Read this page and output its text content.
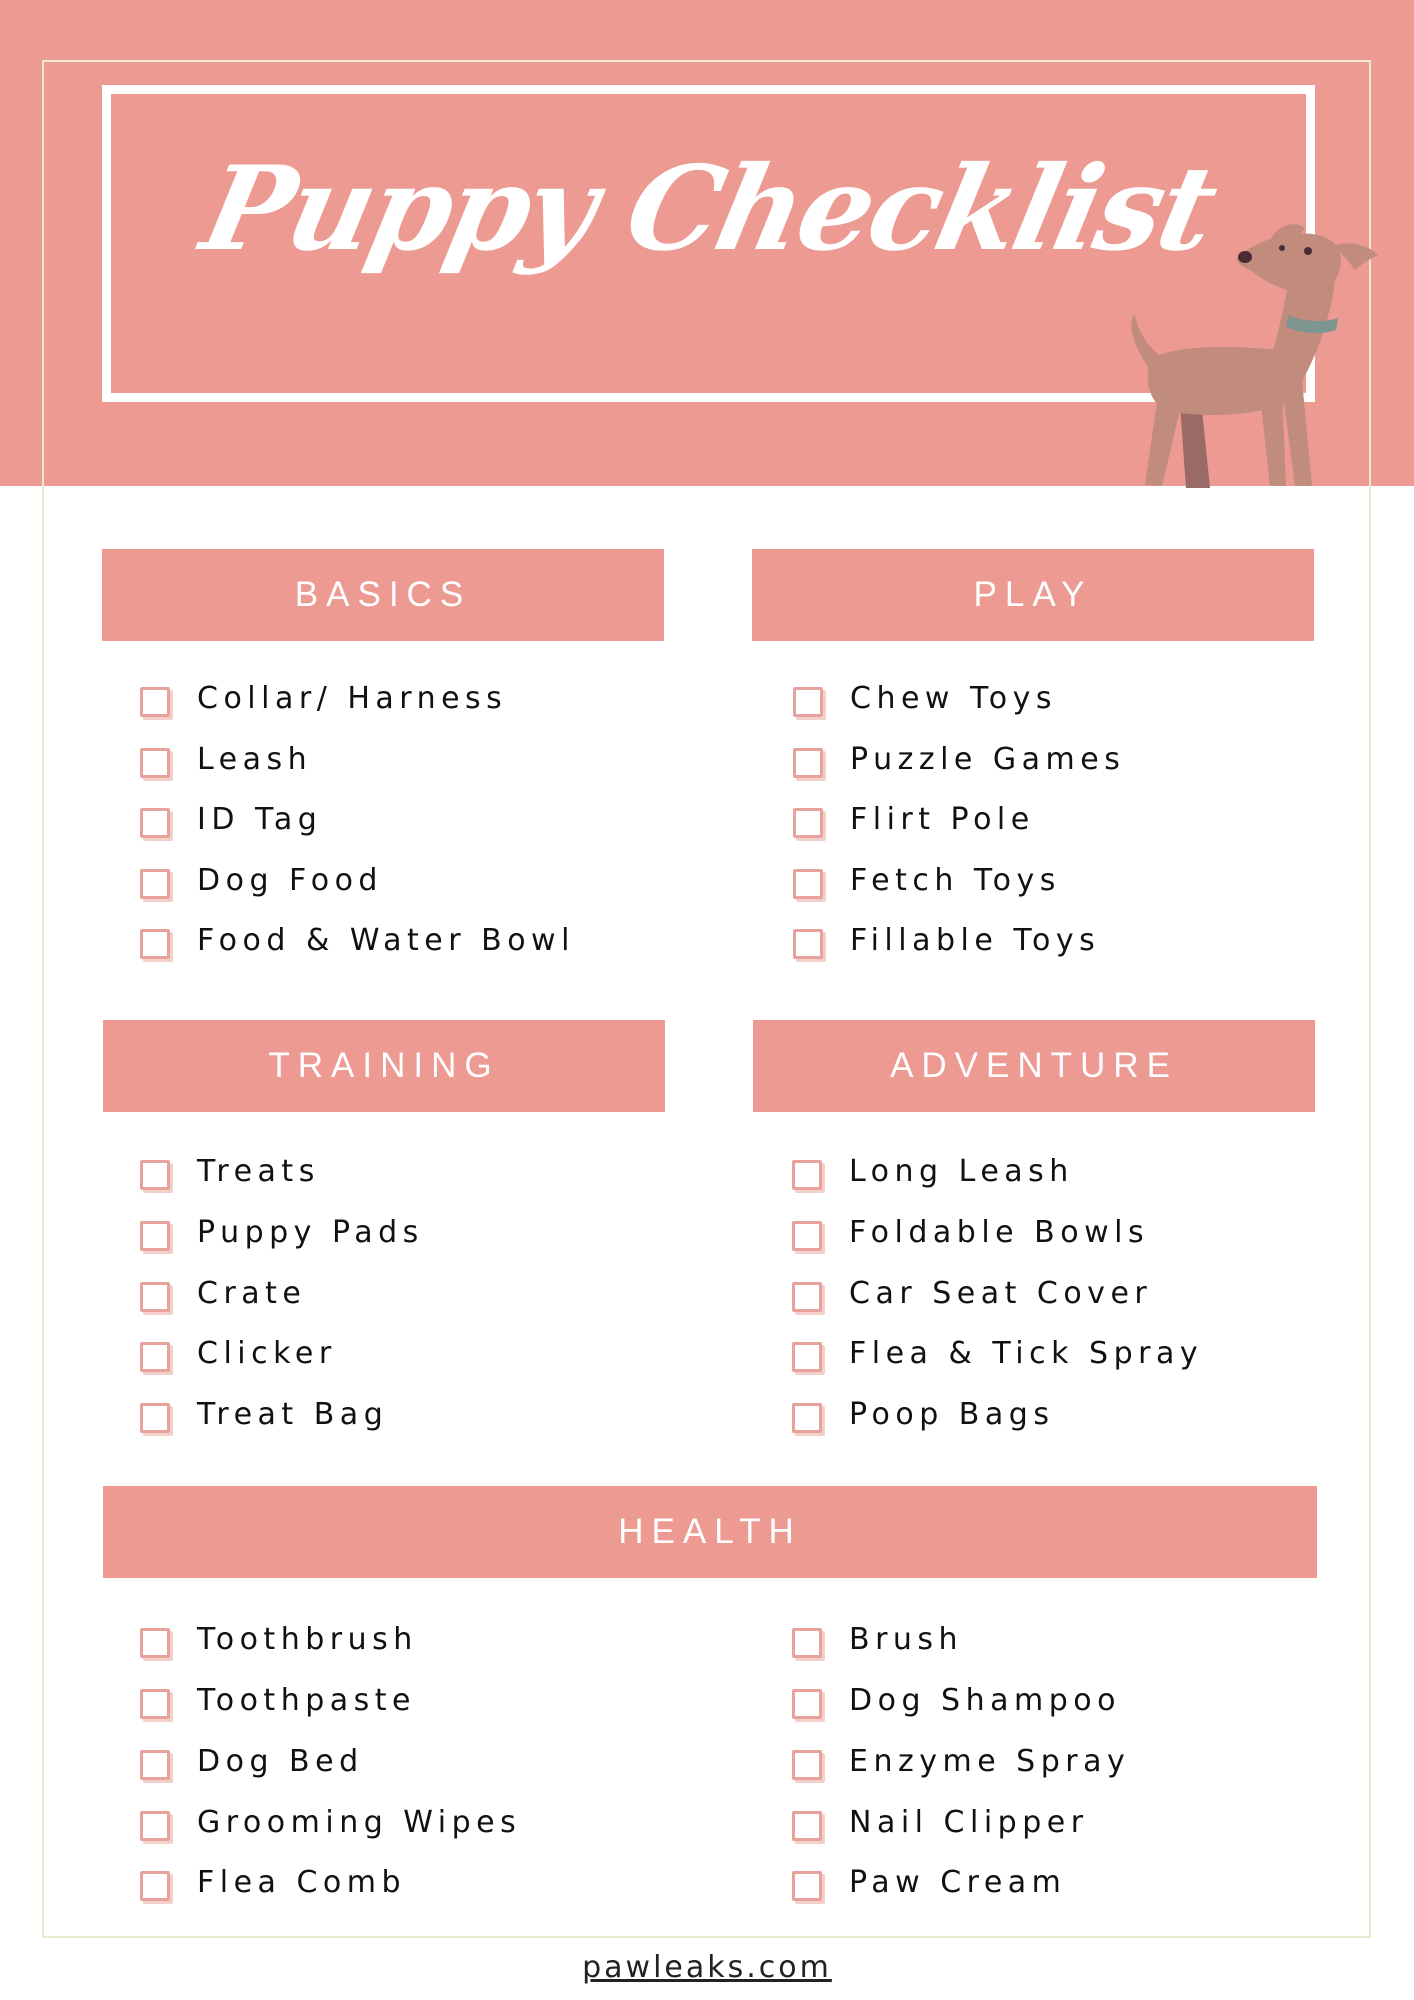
Puppy Checklist
BASICS
Collar/ Harness
Leash
ID Tag
Dog Food
Food & Water Bowl
PLAY
Chew Toys
Puzzle Games
Flirt Pole
Fetch Toys
Fillable Toys
TRAINING
Treats
Puppy Pads
Crate
Clicker
Treat Bag
ADVENTURE
Long Leash
Foldable Bowls
Car Seat Cover
Flea & Tick Spray
Poop Bags
HEALTH
Toothbrush
Toothpaste
Dog Bed
Grooming Wipes
Flea Comb
Brush
Dog Shampoo
Enzyme Spray
Nail Clipper
Paw Cream
pawleaks.com
